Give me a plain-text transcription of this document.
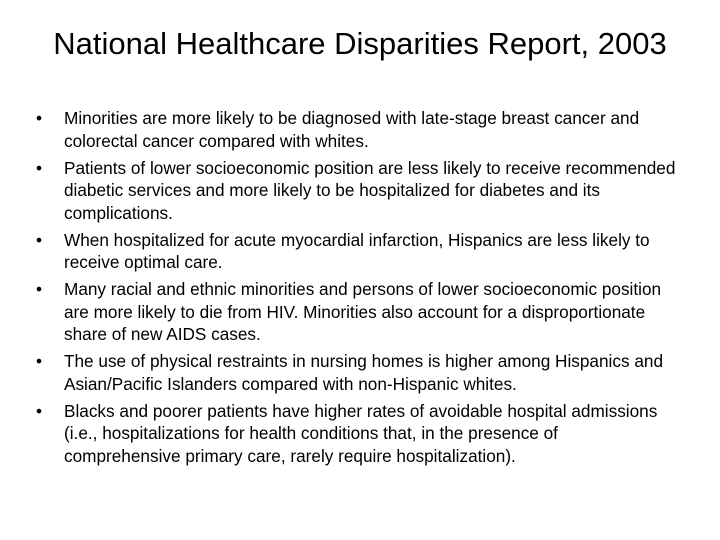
National Healthcare Disparities Report, 2003
•	Minorities are more likely to be diagnosed with late-stage breast cancer and colorectal cancer compared with whites.
•	Patients of lower socioeconomic position are less likely to receive recommended diabetic services and more likely to be hospitalized for diabetes and its complications.
•	When hospitalized for acute myocardial infarction, Hispanics are less likely to receive optimal care.
•	Many racial and ethnic minorities and persons of lower socioeconomic position are more likely to die from HIV. Minorities also account for a disproportionate share of new AIDS cases.
•	The use of physical restraints in nursing homes is higher among Hispanics and Asian/Pacific Islanders compared with non-Hispanic whites.
•	Blacks and poorer patients have higher rates of avoidable hospital admissions (i.e., hospitalizations for health conditions that, in the presence of comprehensive primary care, rarely require hospitalization).
